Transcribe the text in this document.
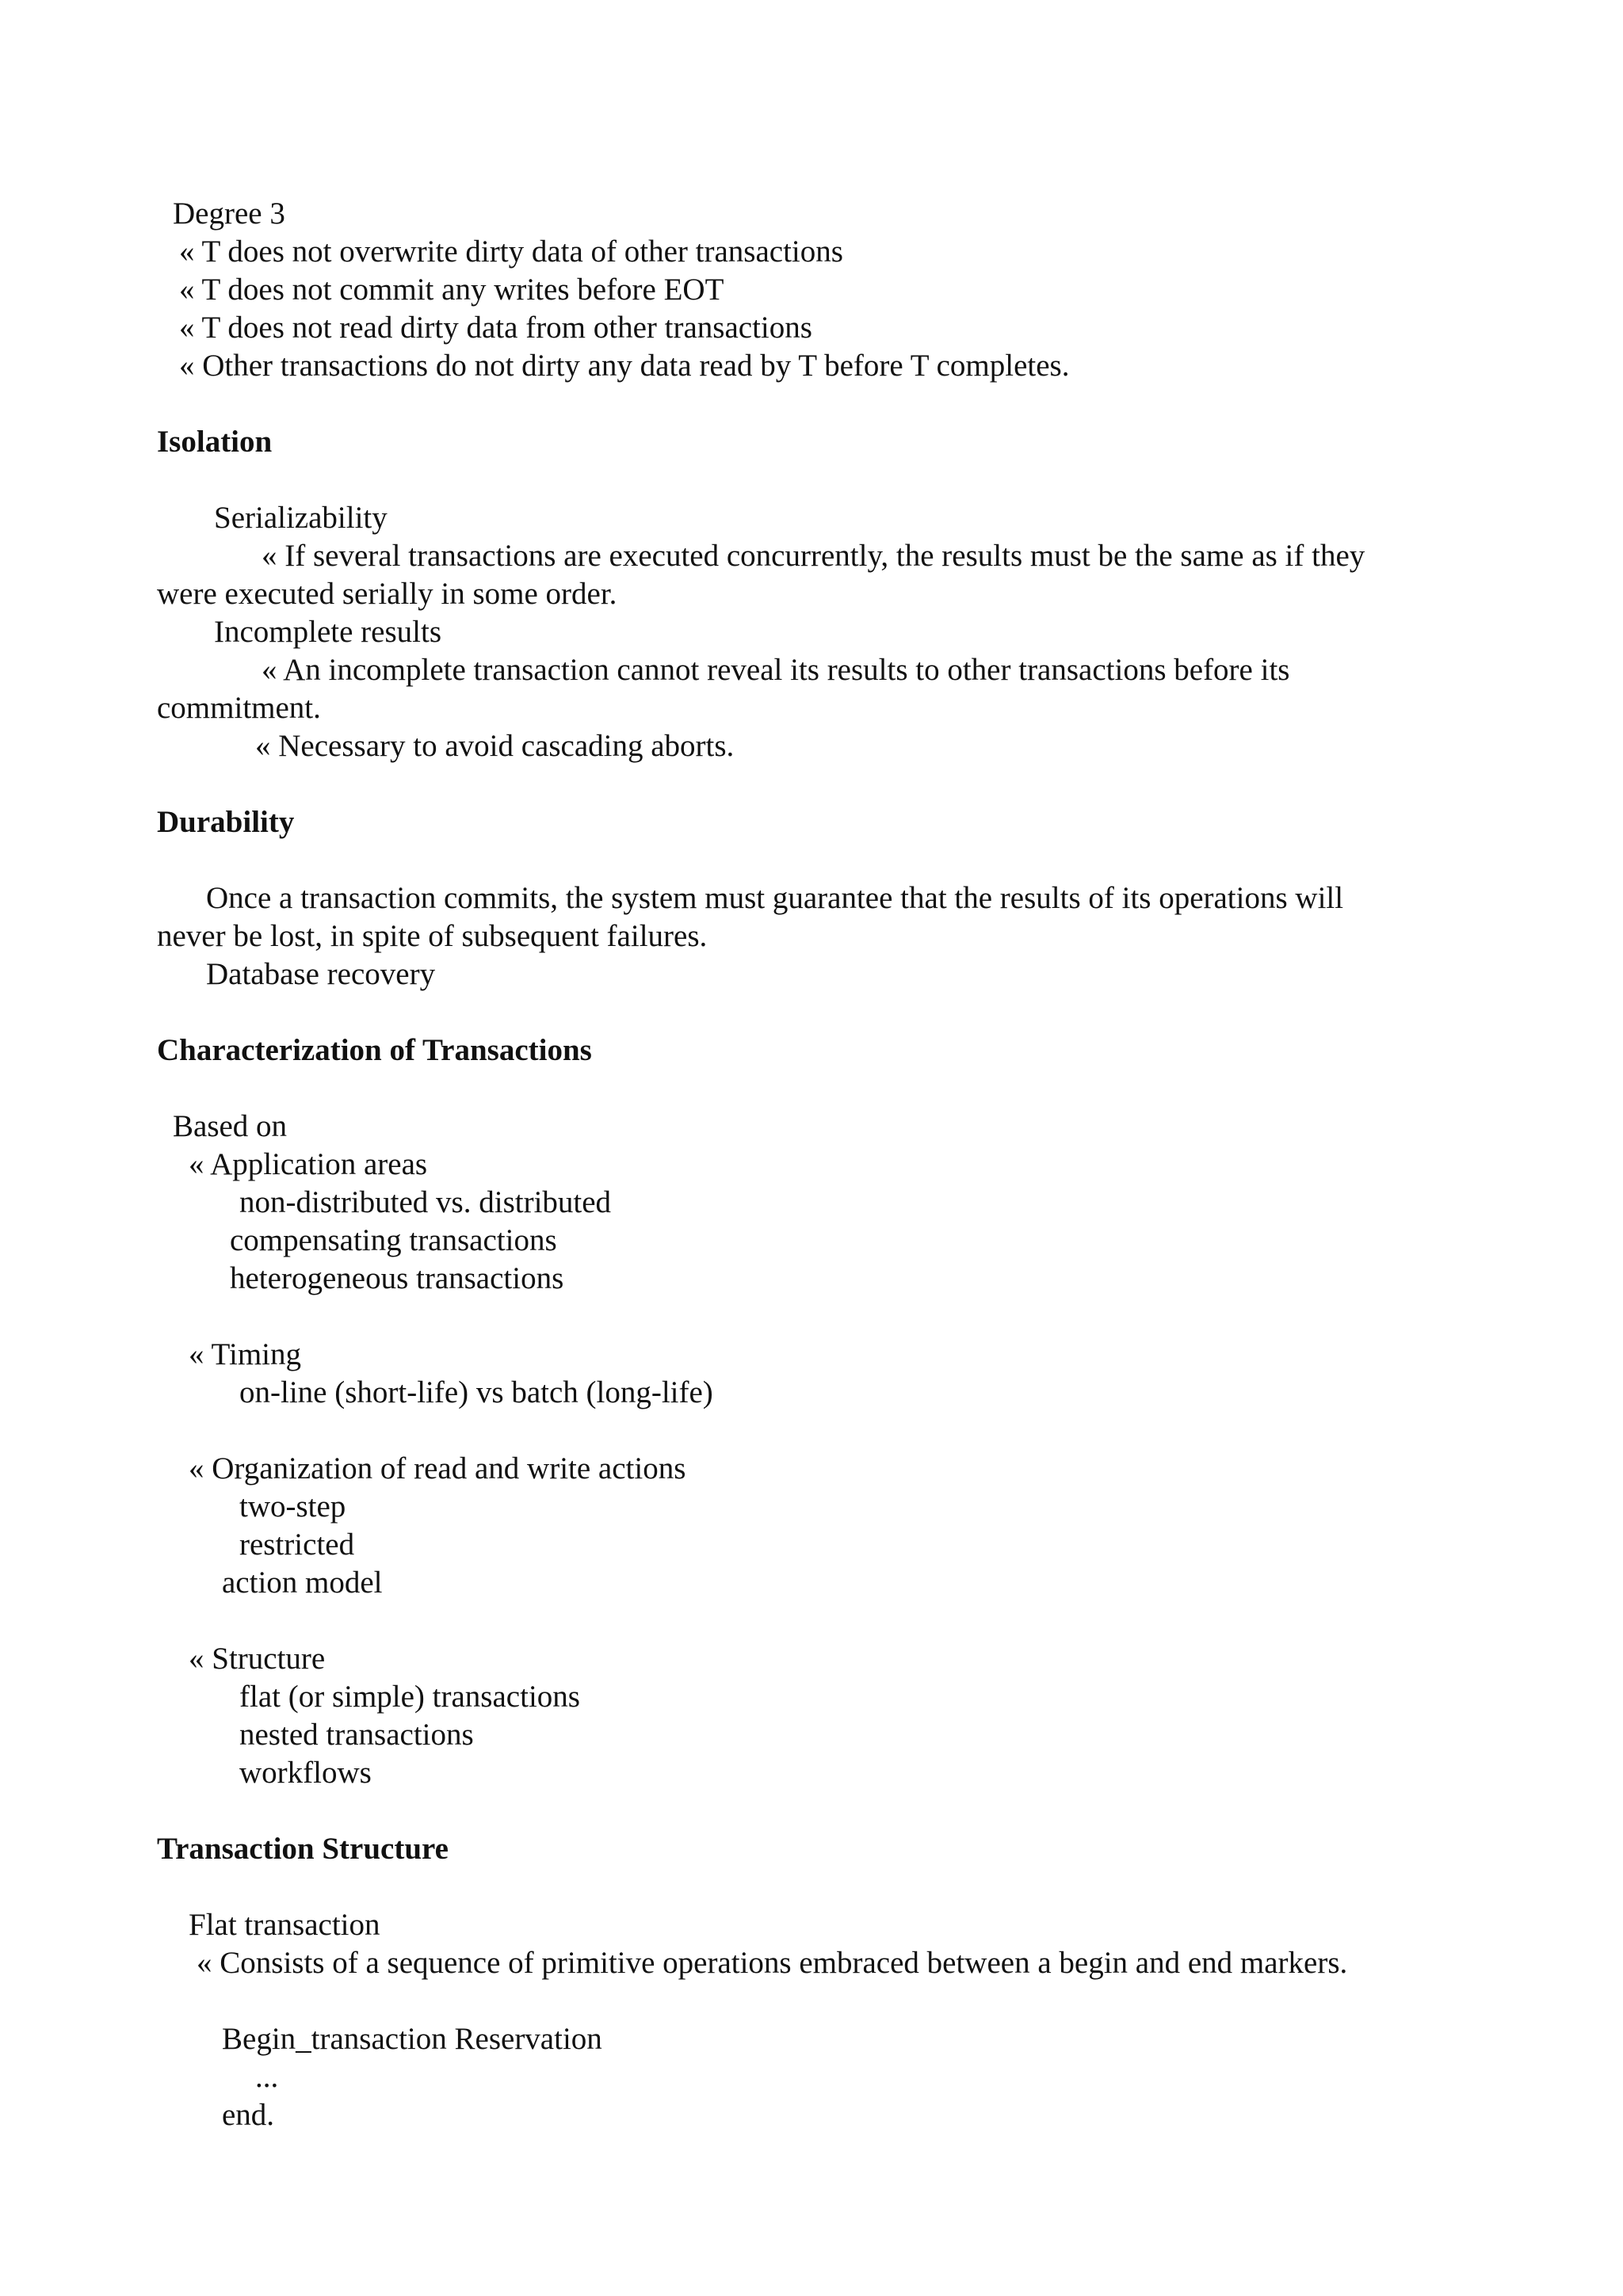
Degree 3
« T does not overwrite dirty data of other transactions
« T does not commit any writes before EOT
« T does not read dirty data from other transactions
« Other transactions do not dirty any data read by T before T completes.
Isolation
Serializability
« If several transactions are executed concurrently, the results must be the same as if they
were executed serially in some order.
Incomplete results
« An incomplete transaction cannot reveal its results to other transactions before its
commitment.
« Necessary to avoid cascading aborts.
Durability
Once a transaction commits, the system must guarantee that the results of its operations will
never be lost, in spite of subsequent failures.
Database recovery
Characterization of Transactions
Based on
« Application areas
non-distributed vs. distributed
compensating transactions
heterogeneous transactions
« Timing
on-line (short-life) vs batch (long-life)
« Organization of read and write actions
two-step
restricted
action model
« Structure
flat (or simple) transactions
nested transactions
workflows
Transaction Structure
Flat transaction
« Consists of a sequence of primitive operations embraced between a begin and end markers.
Begin_transaction Reservation
...
end.
